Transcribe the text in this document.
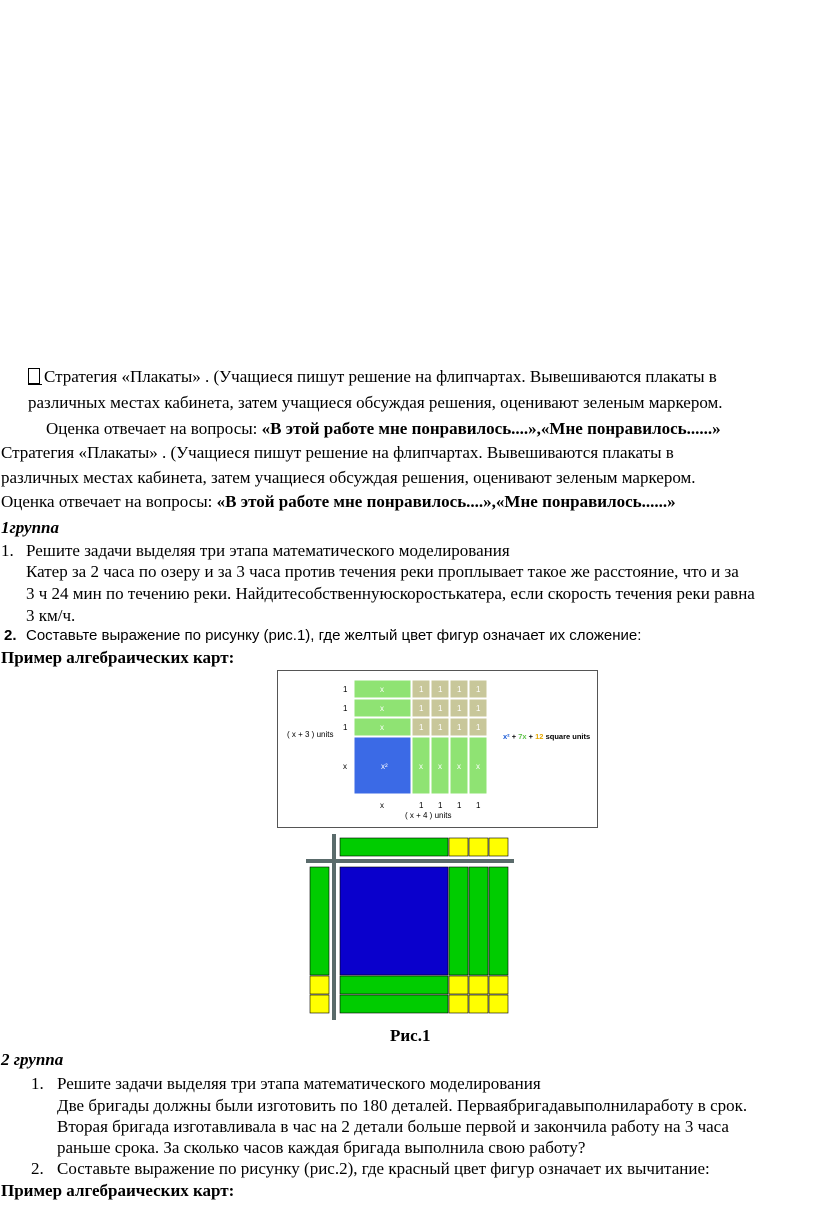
Стратегия «Плакаты» . (Учащиеся пишут решение на флипчартах. Вывешиваются плакаты в
различных местах кабинета, затем учащиеся обсуждая решения, оценивают зеленым маркером.
Оценка отвечает на вопросы: «В этой работе мне понравилось....»,«Мне понравилось......»
Стратегия «Плакаты» . (Учащиеся пишут решение на флипчартах. Вывешиваются плакаты в
различных местах кабинета, затем учащиеся обсуждая решения, оценивают зеленым маркером.
Оценка отвечает на вопросы: «В этой работе мне понравилось....»,«Мне понравилось......»
1группа
1. Решите задачи выделяя три этапа математического моделирования
Катер за 2 часа по озеру и за 3 часа против течения реки проплывает такое же расстояние, что и за
3 ч 24 мин по течению реки. Найдитесобственнуюскоростькатера, если скорость течения реки равна
3 км/ч.
2. Составьте выражение по рисунку (рис.1), где желтый цвет фигур означает их сложение:
Пример алгебраических карт:
1
1
1
x
( x + 3 ) units
x
x
x
1 1 1 1
1 1 1 1
1 1 1 1
x²	x x x x
x	1 1 1 1
( x + 4 ) units
x² + 7x + 12 square units
Рис.1
2 группа
1. Решите задачи выделяя три этапа математического моделирования
Две бригады должны были изготовить по 180 деталей. Перваябригадавыполниларaботу в срок.
Вторая бригада изготавливала в час на 2 детали больше первой и закончила работу на 3 часа
раньше срока. За сколько часов каждая бригада выполнила свою работу?
2. Составьте выражение по рисунку (рис.2), где красный цвет фигур означает их вычитание:
Пример алгебраических карт:
